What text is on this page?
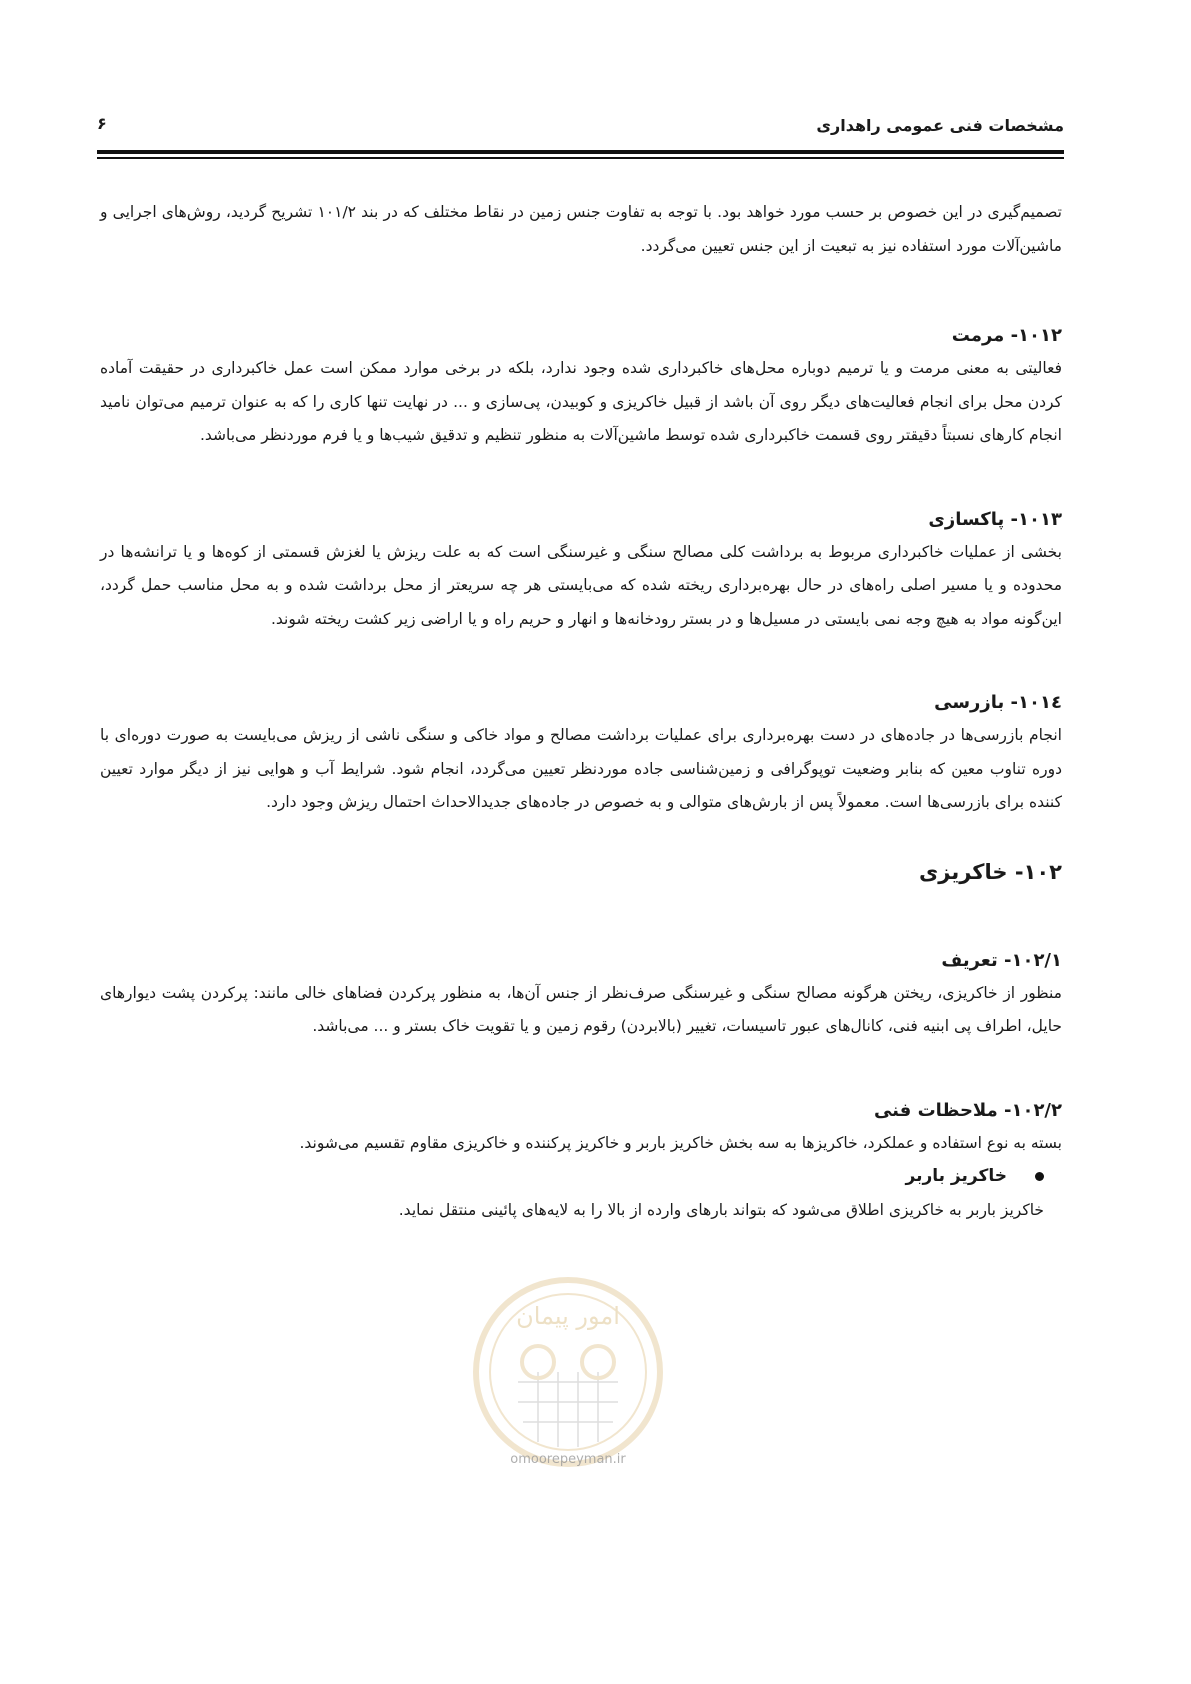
مشخصات فنی عمومی راهداری
۶

تصمیم‌گیری در این خصوص بر حسب مورد خواهد بود. با توجه به تفاوت جنس زمین در نقاط مختلف که در بند ۱۰۱/۲ تشریح گردید، روش‌های اجرایی و ماشین‌آلات مورد استفاده نیز به تبعیت از این جنس تعیین می‌گردد.

۱۰۱۲- مرمت

فعالیتی به معنی مرمت و یا ترمیم دوباره محل‌های خاکبرداری شده وجود ندارد، بلکه در برخی موارد ممکن است عمل خاکبرداری در حقیقت آماده کردن محل برای انجام فعالیت‌های دیگر روی آن باشد از قبیل خاکریزی و کوبیدن، پی‌سازی و ... در نهایت تنها کاری را که به عنوان ترمیم می‌توان نامید انجام کارهای نسبتاً دقیقتر روی قسمت خاکبرداری شده توسط ماشین‌آلات به منظور تنظیم و تدقیق شیب‌ها و یا فرم موردنظر می‌باشد.

۱۰۱۳- پاکسازی

بخشی از عملیات خاکبرداری مربوط به برداشت کلی مصالح سنگی و غیرسنگی است که به علت ریزش یا لغزش قسمتی از کوه‌ها و یا ترانشه‌ها در محدوده و یا مسیر اصلی راه‌های در حال بهره‌برداری ریخته شده که می‌بایستی هر چه سریعتر از محل برداشت شده و به محل مناسب حمل گردد، این‌گونه مواد به هیچ وجه نمی بایستی در مسیل‌ها و در بستر رودخانه‌ها و انهار و حریم راه و یا اراضی زیر کشت ریخته شوند.

۱۰۱٤- بازرسی

انجام بازرسی‌ها در جاده‌های در دست بهره‌برداری برای عملیات برداشت مصالح و مواد خاکی و سنگی ناشی از ریزش می‌بایست به صورت دوره‌ای با دوره تناوب معین که بنابر وضعیت توپوگرافی و زمین‌شناسی جاده موردنظر تعیین می‌گردد، انجام شود. شرایط آب و هوایی نیز از دیگر موارد تعیین کننده برای بازرسی‌ها است. معمولاً پس از بارش‌های متوالی و به خصوص در جاده‌های جدیدالاحداث احتمال ریزش وجود دارد.

۱۰۲- خاکریزی
۱۰۲/۱- تعریف

منظور از خاکریزی، ریختن هرگونه مصالح سنگی و غیرسنگی صرف‌نظر از جنس آن‌ها، به منظور پرکردن فضاهای خالی مانند: پرکردن پشت دیوارهای حایل، اطراف پی ابنیه فنی، کانال‌های عبور تاسیسات، تغییر (بالابردن) رقوم زمین و یا تقویت خاک بستر و ... می‌باشد.

۱۰۲/۲- ملاحظات فنی

بسته به نوع استفاده و عملکرد، خاکریزها به سه بخش خاکریز باربر و خاکریز پرکننده و خاکریزی مقاوم تقسیم می‌شوند.

خاکریز باربر

خاکریز باربر به خاکریزی اطلاق می‌شود که بتواند بارهای وارده از بالا را به لایه‌های پائینی منتقل نماید.

امور پیمان
omoorepeyman.ir
